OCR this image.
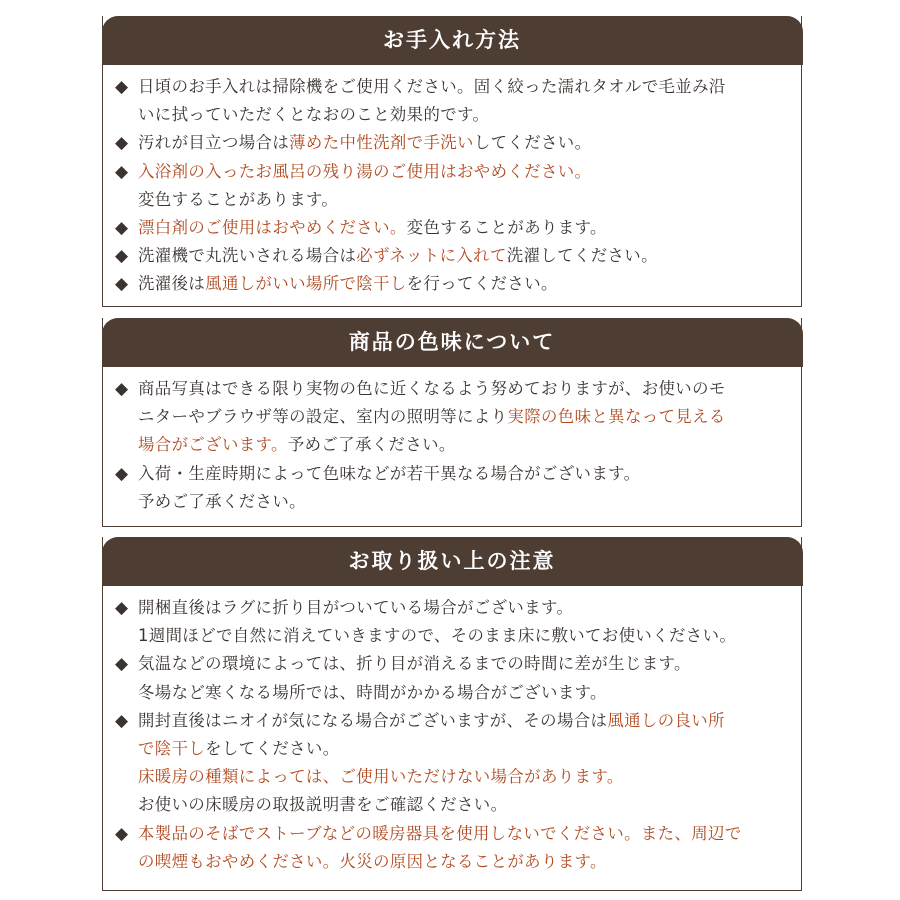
お手入れ方法
◆ 日頃のお手入れは掃除機をご使用ください。固く絞った濡れタオルで毛並み沿
いに拭っていただくとなおのこと効果的です。
◆ 汚れが目立つ場合は薄めた中性洗剤で手洗いしてください。
◆ 入浴剤の入ったお風呂の残り湯のご使用はおやめください。
変色することがあります。
◆ 漂白剤のご使用はおやめください。変色することがあります。
◆ 洗濯機で丸洗いされる場合は必ずネットに入れて洗濯してください。
◆ 洗濯後は風通しがいい場所で陰干しを行ってください。
商品の色味について
◆ 商品写真はできる限り実物の色に近くなるよう努めておりますが、お使いのモ
ニターやブラウザ等の設定、室内の照明等により実際の色味と異なって見える
場合がございます。予めご了承ください。
◆ 入荷・生産時期によって色味などが若干異なる場合がございます。
予めご了承ください。
お取り扱い上の注意
◆ 開梱直後はラグに折り目がついている場合がございます。
1週間ほどで自然に消えていきますので、そのまま床に敷いてお使いください。
◆ 気温などの環境によっては、折り目が消えるまでの時間に差が生じます。
冬場など寒くなる場所では、時間がかかる場合がございます。
◆ 開封直後はニオイが気になる場合がございますが、その場合は風通しの良い所
で陰干しをしてください。
床暖房の種類によっては、ご使用いただけない場合があります。
お使いの床暖房の取扱説明書をご確認ください。
◆ 本製品のそばでストーブなどの暖房器具を使用しないでください。また、周辺で
の喫煙もおやめください。火災の原因となることがあります。
